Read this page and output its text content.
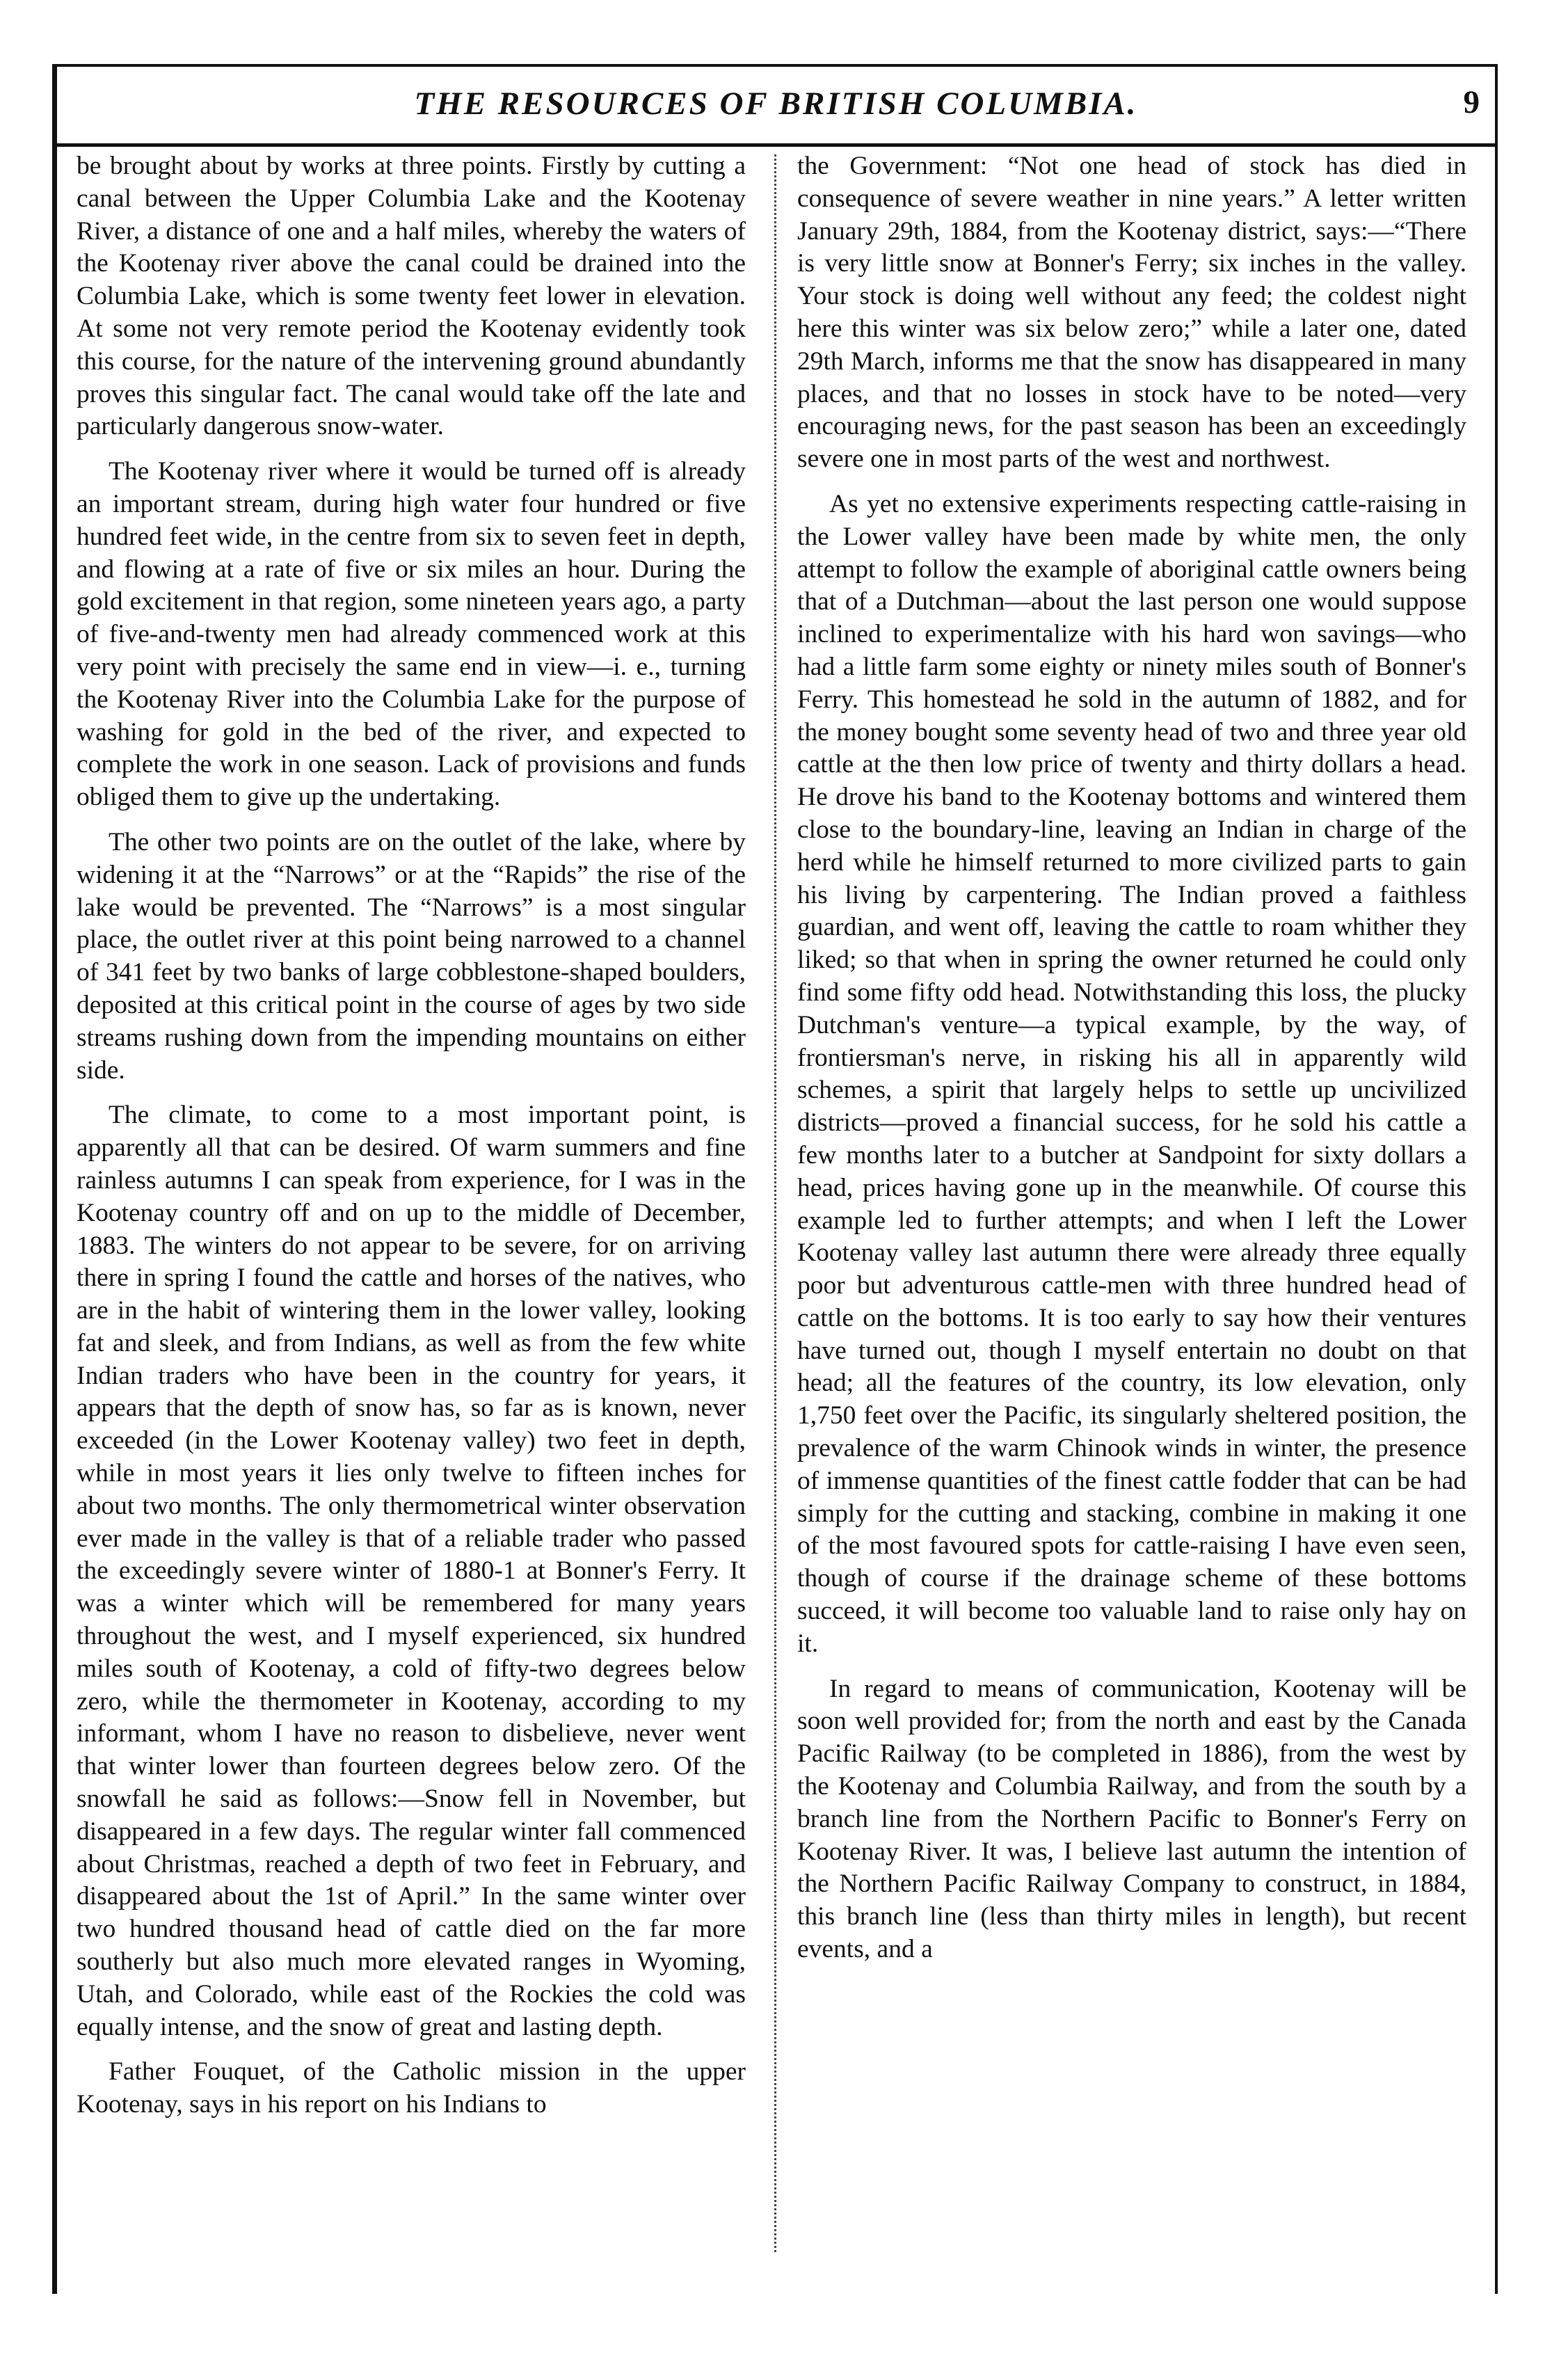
THE RESOURCES OF BRITISH COLUMBIA.	9

be brought about by works at three points. Firstly by cutting a canal between the Upper Columbia Lake and the Kootenay River, a distance of one and a half miles, whereby the waters of the Kootenay river above the canal could be drained into the Columbia Lake, which is some twenty feet lower in elevation. At some not very remote period the Kootenay evidently took this course, for the nature of the intervening ground abundantly proves this singular fact. The canal would take off the late and particularly dangerous snow-water.

The Kootenay river where it would be turned off is already an important stream, during high water four hundred or five hundred feet wide, in the centre from six to seven feet in depth, and flowing at a rate of five or six miles an hour. During the gold excitement in that region, some nineteen years ago, a party of five-and-twenty men had already commenced work at this very point with precisely the same end in view—i. e., turning the Kootenay River into the Columbia Lake for the purpose of washing for gold in the bed of the river, and expected to complete the work in one season. Lack of provisions and funds obliged them to give up the undertaking.

The other two points are on the outlet of the lake, where by widening it at the “Narrows” or at the “Rapids” the rise of the lake would be prevented. The “Narrows” is a most singular place, the outlet river at this point being narrowed to a channel of 341 feet by two banks of large cobblestone-shaped boulders, deposited at this critical point in the course of ages by two side streams rushing down from the impending mountains on either side.

The climate, to come to a most important point, is apparently all that can be desired. Of warm summers and fine rainless autumns I can speak from experience, for I was in the Kootenay country off and on up to the middle of December, 1883. The winters do not appear to be severe, for on arriving there in spring I found the cattle and horses of the natives, who are in the habit of wintering them in the lower valley, looking fat and sleek, and from Indians, as well as from the few white Indian traders who have been in the country for years, it appears that the depth of snow has, so far as is known, never exceeded (in the Lower Kootenay valley) two feet in depth, while in most years it lies only twelve to fifteen inches for about two months. The only thermometrical winter observation ever made in the valley is that of a reliable trader who passed the exceedingly severe winter of 1880-1 at Bonner's Ferry. It was a winter which will be remembered for many years throughout the west, and I myself experienced, six hundred miles south of Kootenay, a cold of fifty-two degrees below zero, while the thermometer in Kootenay, according to my informant, whom I have no reason to disbelieve, never went that winter lower than fourteen degrees below zero. Of the snowfall he said as follows:—Snow fell in November, but disappeared in a few days. The regular winter fall commenced about Christmas, reached a depth of two feet in February, and disappeared about the 1st of April.” In the same winter over two hundred thousand head of cattle died on the far more southerly but also much more elevated ranges in Wyoming, Utah, and Colorado, while east of the Rockies the cold was equally intense, and the snow of great and lasting depth.

Father Fouquet, of the Catholic mission in the upper Kootenay, says in his report on his Indians to

the Government: “Not one head of stock has died in consequence of severe weather in nine years.” A letter written January 29th, 1884, from the Kootenay district, says:—“There is very little snow at Bonner's Ferry; six inches in the valley. Your stock is doing well without any feed; the coldest night here this winter was six below zero;” while a later one, dated 29th March, informs me that the snow has disappeared in many places, and that no losses in stock have to be noted—very encouraging news, for the past season has been an exceedingly severe one in most parts of the west and northwest.

As yet no extensive experiments respecting cattle-raising in the Lower valley have been made by white men, the only attempt to follow the example of aboriginal cattle owners being that of a Dutchman—about the last person one would suppose inclined to experimentalize with his hard won savings—who had a little farm some eighty or ninety miles south of Bonner's Ferry. This homestead he sold in the autumn of 1882, and for the money bought some seventy head of two and three year old cattle at the then low price of twenty and thirty dollars a head. He drove his band to the Kootenay bottoms and wintered them close to the boundary-line, leaving an Indian in charge of the herd while he himself returned to more civilized parts to gain his living by carpentering. The Indian proved a faithless guardian, and went off, leaving the cattle to roam whither they liked; so that when in spring the owner returned he could only find some fifty odd head. Notwithstanding this loss, the plucky Dutchman's venture—a typical example, by the way, of frontiersman's nerve, in risking his all in apparently wild schemes, a spirit that largely helps to settle up uncivilized districts—proved a financial success, for he sold his cattle a few months later to a butcher at Sandpoint for sixty dollars a head, prices having gone up in the meanwhile. Of course this example led to further attempts; and when I left the Lower Kootenay valley last autumn there were already three equally poor but adventurous cattle-men with three hundred head of cattle on the bottoms. It is too early to say how their ventures have turned out, though I myself entertain no doubt on that head; all the features of the country, its low elevation, only 1,750 feet over the Pacific, its singularly sheltered position, the prevalence of the warm Chinook winds in winter, the presence of immense quantities of the finest cattle fodder that can be had simply for the cutting and stacking, combine in making it one of the most favoured spots for cattle-raising I have even seen, though of course if the drainage scheme of these bottoms succeed, it will become too valuable land to raise only hay on it.

In regard to means of communication, Kootenay will be soon well provided for; from the north and east by the Canada Pacific Railway (to be completed in 1886), from the west by the Kootenay and Columbia Railway, and from the south by a branch line from the Northern Pacific to Bonner's Ferry on Kootenay River. It was, I believe last autumn the intention of the Northern Pacific Railway Company to construct, in 1884, this branch line (less than thirty miles in length), but recent events, and a
